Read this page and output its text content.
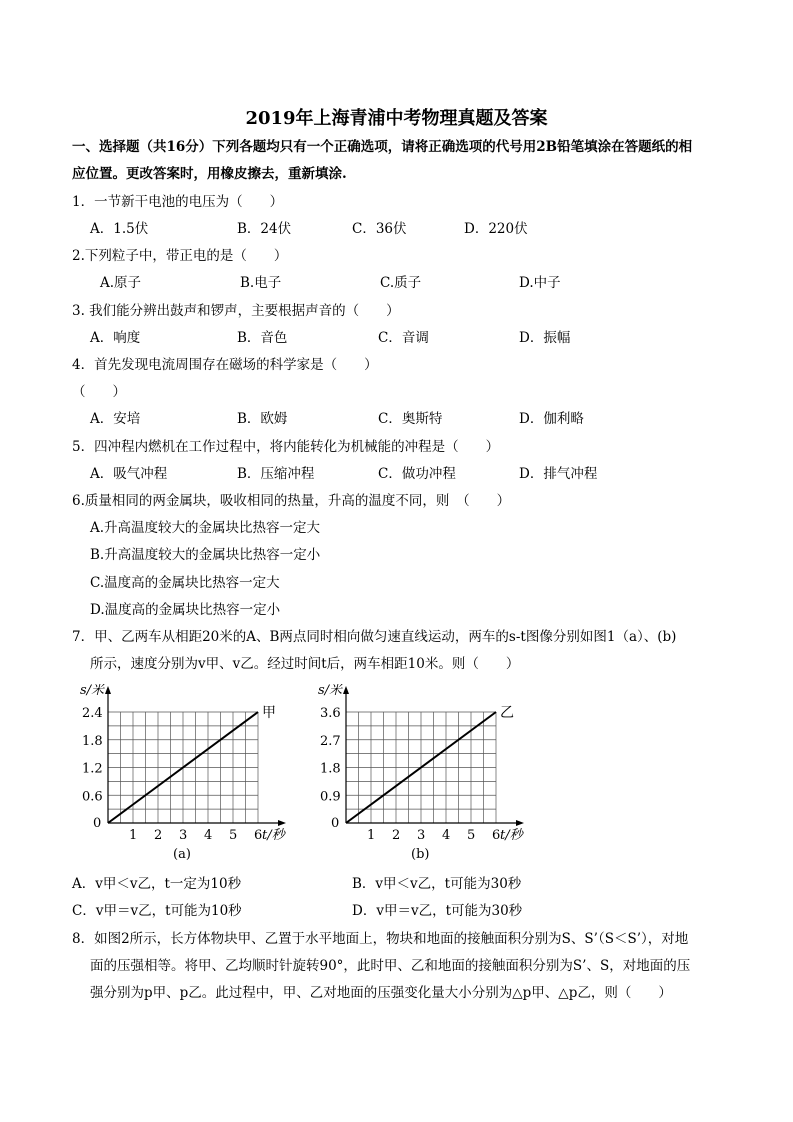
2019年上海青浦中考物理真题及答案
一、选择题（共16分）下列各题均只有一个正确选项，请将正确选项的代号用2B铅笔填涂在答题纸的相
应位置。更改答案时，用橡皮擦去，重新填涂.
1．一节新干电池的电压为（　　）
A．1.5伏	B．24伏	C．36伏	D．220伏
2.下列粒子中，带正电的是（　　）
A.原子	B.电子	C.质子	D.中子
3. 我们能分辨出鼓声和锣声，主要根据声音的（　　）
A．响度	B．音色	C．音调	D．振幅
4．首先发现电流周围存在磁场的科学家是（　　）
（　　）
A．安培	B．欧姆	C．奥斯特	D．伽利略
5．四冲程内燃机在工作过程中，将内能转化为机械能的冲程是（　　）
A．吸气冲程	B．压缩冲程	C．做功冲程	D．排气冲程
6.质量相同的两金属块，吸收相同的热量，升高的温度不同，则　（　　）
A.升高温度较大的金属块比热容一定大
B.升高温度较大的金属块比热容一定小
C.温度高的金属块比热容一定大
D.温度高的金属块比热容一定小
7．甲、乙两车从相距20米的A、B两点同时相向做匀速直线运动，两车的s-t图像分别如图1（a）、(b)
所示，速度分别为v甲、v乙。经过时间t后，两车相距10米。则（　　）
s/米
t/秒
0
1 2 3 4 5 6
0.6
1.2
1.8
2.4	甲
(a)
s/米
t/秒
0
1 2 3 4 5 6
0.9
1.8
2.7
3.6	乙
(b)
A．v甲＜v乙，t一定为10秒	B．v甲＜v乙，t可能为30秒
C．v甲＝v乙，t可能为10秒	D．v甲＝v乙，t可能为30秒
8．如图2所示，长方体物块甲、乙置于水平地面上，物块和地面的接触面积分别为S、S’（S＜S’），对地
面的压强相等。将甲、乙均顺时针旋转90°，此时甲、乙和地面的接触面积分别为S’、S，对地面的压
强分别为p甲、p乙。此过程中，甲、乙对地面的压强变化量大小分别为△p甲、△p乙，则（　　）
